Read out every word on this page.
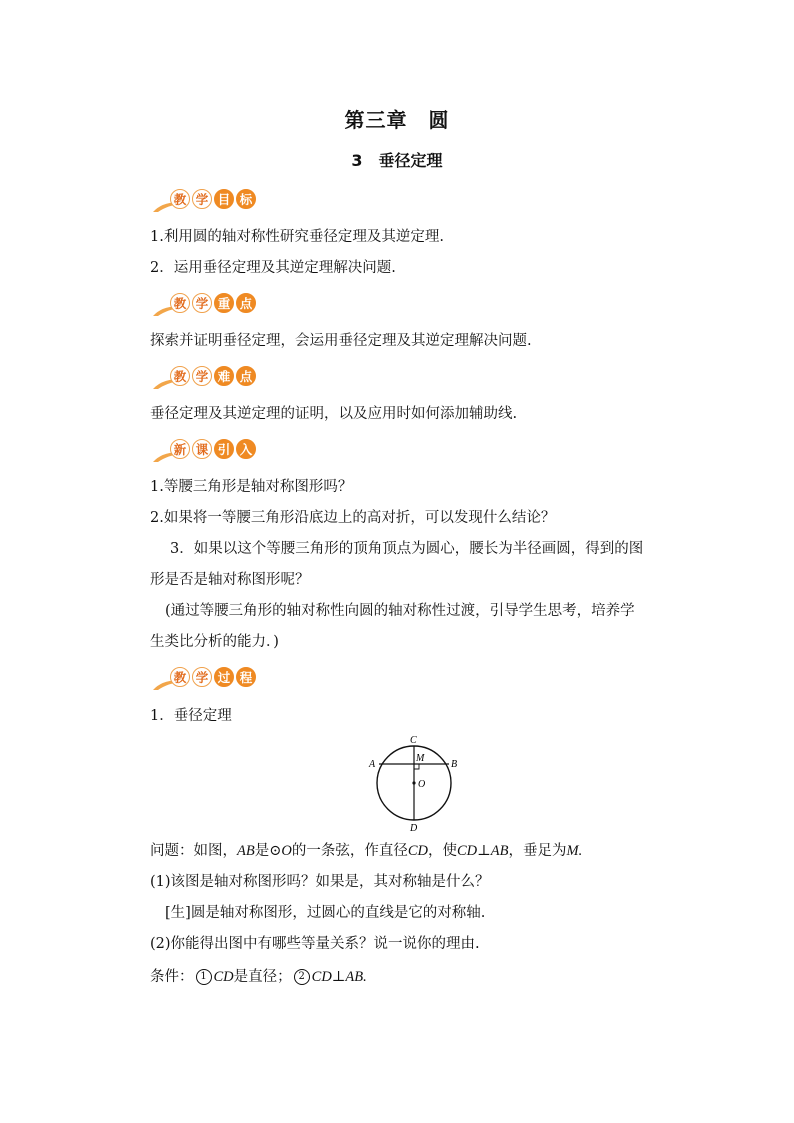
第三章　圆
3　垂径定理
教 学 目 标
1.利用圆的轴对称性研究垂径定理及其逆定理.
2．运用垂径定理及其逆定理解决问题.
教 学 重 点
探索并证明垂径定理，会运用垂径定理及其逆定理解决问题.
教 学 难 点
垂径定理及其逆定理的证明，以及应用时如何添加辅助线.
新 课 引 入
1.等腰三角形是轴对称图形吗？
2.如果将一等腰三角形沿底边上的高对折，可以发现什么结论？
3．如果以这个等腰三角形的顶角顶点为圆心，腰长为半径画圆，得到的图
形是否是轴对称图形呢？
(通过等腰三角形的轴对称性向圆的轴对称性过渡，引导学生思考，培养学
生类比分析的能力．)
教 学 过 程
1．垂径定理
C
A	B
M
O
D
问题：如图，AB是⊙O的一条弦，作直径CD，使CD⊥AB，垂足为M.
(1)该图是轴对称图形吗？如果是，其对称轴是什么？
[生]圆是轴对称图形，过圆心的直线是它的对称轴.
(2)你能得出图中有哪些等量关系？说一说你的理由.
条件： 1 CD是直径； 2 CD⊥AB.
